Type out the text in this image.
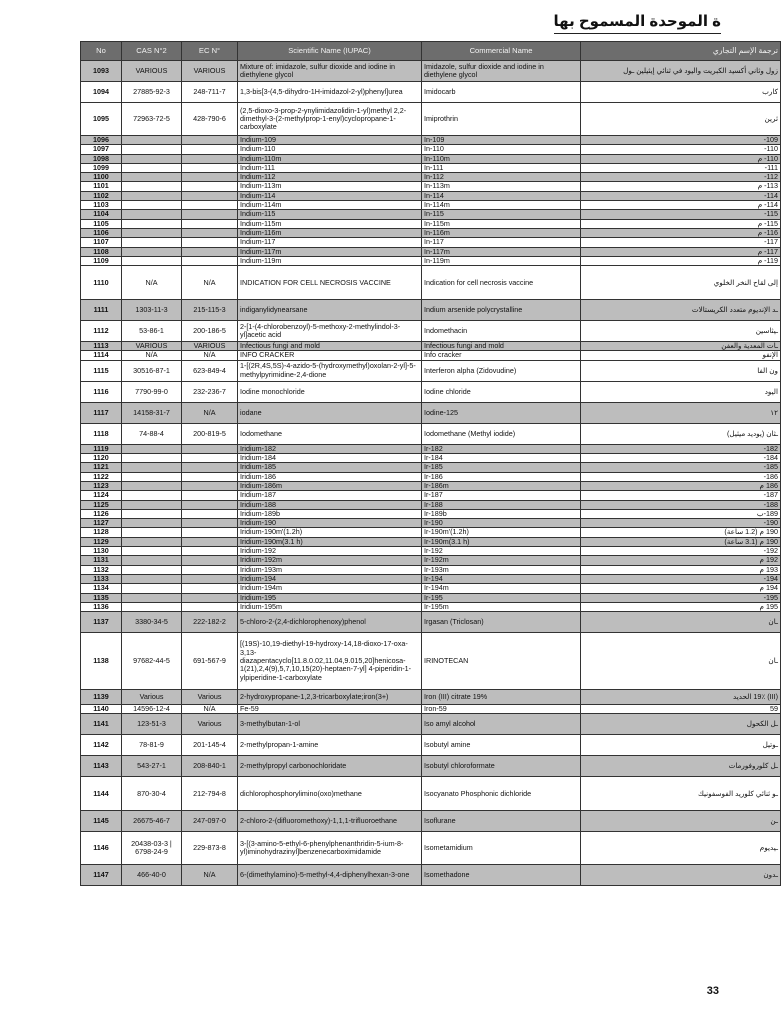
ة الموحدة المسموح بها
No	CAS N°2	EC N°	Scientific Name (IUPAC)	Commercial Name	ترجمة الإسم التجاري
1093	VARIOUS	VARIOUS	Mixture of: imidazole, sulfur dioxide and iodine in diethylene glycol	Imidazole, sulfur dioxide and iodine in diethylene glycol	زول وثاني أكسيد الكبريت واليود في ثنائي إيثيلين ـول
1094	27885-92-3	248-711-7	1,3-bis[3-(4,5-dihydro-1H-imidazol-2-yl)phenyl]urea	Imidocarb	كارب
1095	72963-72-5	428-790-6	(2,5-dioxo-3-prop-2-ynylimidazolidin-1-yl)methyl 2,2-dimethyl-3-(2-methylprop-1-enyl)cyclopropane-1-carboxylate	Imiprothrin	ثرين
1096			Indium-109	In-109	109-
1097			Indium-110	In-110	110-
1098			Indium-110m	In-110m	110- م
1099			Indium-111	In-111	111-
1100			Indium-112	In-112	112-
1101			Indium-113m	In-113m	113- م
1102			Indium-114	In-114	114-
1103			Indium-114m	In-114m	114- م
1104			Indium-115	In-115	115-
1105			Indium-115m	In-115m	115- م
1106			Indium-116m	In-116m	116- م
1107			Indium-117	In-117	117-
1108			Indium-117m	In-117m	117- م
1109			Indium-119m	In-119m	119- م
1110	N/A	N/A	INDICATION FOR CELL NECROSIS VACCINE	Indication for cell necrosis vaccine	إلى لقاح النخر الخلوي
1111	1303-11-3	215-115-3	indiganylidynearsane	Indium arsenide polycrystalline	ـد الإنديوم متعدد الكريستالات
1112	53-86-1	200-186-5	2-[1-(4-chlorobenzoyl)-5-methoxy-2-methylindol-3-yl]acetic acid	Indomethacin	ـيثاسين
1113	VARIOUS	VARIOUS	Infectious fungi and mold	Infectious fungi and mold	ـات المعدية والعفن
1114	N/A	N/A	INFO CRACKER	Info cracker	الإنفو
1115	30516-87-1	623-849-4	1-[(2R,4S,5S)-4-azido-5-(hydroxymethyl)oxolan-2-yl]-5-methylpyrimidine-2,4-dione	Interferon alpha (Zidovudine)	ون الفا
1116	7790-99-0	232-236-7	Iodine monochloride	Iodine chloride	اليود
1117	14158-31-7	N/A	iodane	Iodine-125	١٢
1118	74-88-4	200-819-5	Iodomethane	Iodomethane (Methyl iodide)	ـثان (يوديد ميثيل)
1119			Iridium-182	Ir-182	182-
1120			Iridium-184	Ir-184	184-
1121			Iridium-185	Ir-185	185-
1122			Iridium-186	Ir-186	186-
1123			Iridium-186m	Ir-186m	186 م
1124			Iridium-187	Ir-187	187-
1125			Iridium-188	Ir-188	188-
1126			Iridium-189b	Ir-189b	189-ب
1127			Iridium-190	Ir-190	190-
1128			Iridium-190m'(1.2h)	Ir-190m'(1.2h)	190 م (1.2 ساعة)
1129			Iridium-190m(3.1 h)	Ir-190m(3.1 h)	190 م (3.1 ساعة)
1130			Iridium-192	Ir-192	192-
1131			Iridium-192m	Ir-192m	192 م
1132			Iridium-193m	Ir-193m	193 م
1133			Iridium-194	Ir-194	194-
1134			Iridium-194m	Ir-194m	194 م
1135			Iridium-195	Ir-195	195-
1136			Iridium-195m	Ir-195m	195 م
1137	3380-34-5	222-182-2	5-chloro-2-(2,4-dichlorophenoxy)phenol	Irgasan (Triclosan)	ـان
1138	97682-44-5	691-567-9	[(19S)-10,19-diethyl-19-hydroxy-14,18-dioxo-17-oxa-3,13-diazapentacyclo[11.8.0.02,11.04,9.015,20]henicosa-1(21),2,4(9),5,7,10,15(20)-heptaen-7-yl] 4-piperidin-1-ylpiperidine-1-carboxylate	IRINOTECAN	ـان
1139	Various	Various	2-hydroxypropane-1,2,3-tricarboxylate;iron(3+)	Iron (III) citrate 19%	(III) 19٪ الحديد
1140	14596-12-4	N/A	Fe-59	Iron-59	59
1141	123-51-3	Various	3-methylbutan-1-ol	Iso amyl alcohol	ـل الكحول
1142	78-81-9	201-145-4	2-methylpropan-1-amine	Isobutyl amine	ـوتيل
1143	543-27-1	208-840-1	2-methylpropyl carbonochloridate	Isobutyl chloroformate	ـل كلوروفورمات
1144	870-30-4	212-794-8	dichlorophosphorylimino(oxo)methane	Isocyanato Phosphonic dichloride	ـو ثنائي كلوريد الفوسفونيك
1145	26675-46-7	247-097-0	2-chloro-2-(difluoromethoxy)-1,1,1-trifluoroethane	Isoflurane	ـن
1146	20438-03-3 | 6798-24-9	229-873-8	3-[(3-amino-5-ethyl-6-phenylphenanthridin-5-ium-8-yl)iminohydrazinyl]benzenecarboximidamide	Isometamidium	ـيديوم
1147	466-40-0	N/A	6-(dimethylamino)-5-methyl-4,4-diphenylhexan-3-one	Isomethadone	ـدون
33
